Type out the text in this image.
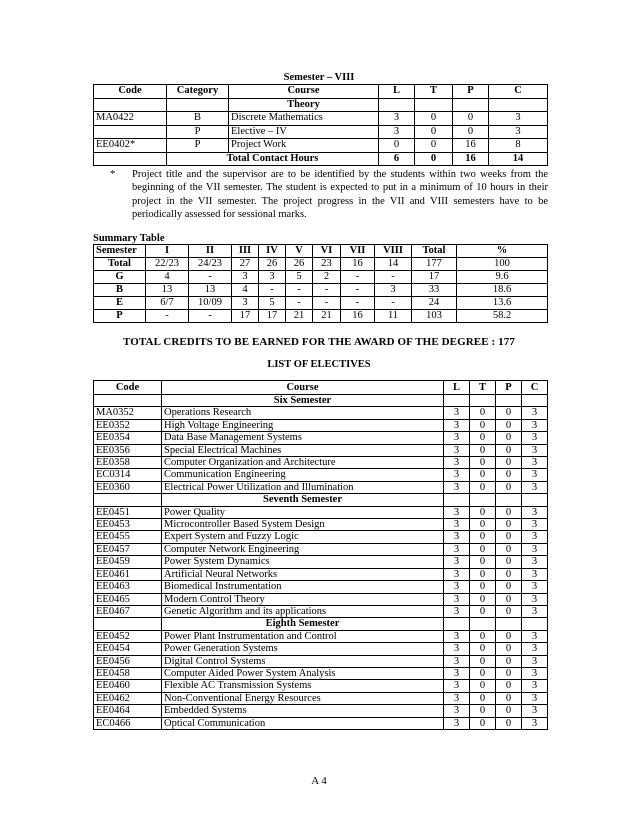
Semester – VIII
Code	Category	Course	L	T	P	C
		Theory				
MA0422	B	Discrete Mathematics	3	0	0	3
	P	Elective – IV	3	0	0	3
EE0402*	P	Project Work	0	0	16	8
	Total Contact Hours		6	0	16	14
* Project title and the supervisor are to be identified by the students within two weeks from the beginning of the VII semester. The student is expected to put in a minimum of 10 hours in their project in the VII semester. The project progress in the VII and VIII semesters have to be periodically assessed for sessional marks.
Summary Table
Semester	I	II	III	IV	V	VI	VII	VIII	Total	%
Total	22/23	24/23	27	26	26	23	16	14	177	100
G	4	-	3	3	5	2	-	-	17	9.6
B	13	13	4	-	-	-	-	3	33	18.6
E	6/7	10/09	3	5	-	-	-	-	24	13.6
P	-	-	17	17	21	21	16	11	103	58.2
TOTAL CREDITS TO BE EARNED FOR THE AWARD OF THE DEGREE : 177
LIST OF ELECTIVES
Code	Course	L	T	P	C
	Six Semester				
MA0352	Operations Research	3	0	0	3
EE0352	High Voltage Engineering	3	0	0	3
EE0354	Data Base Management Systems	3	0	0	3
EE0356	Special Electrical Machines	3	0	0	3
EE0358	Computer Organization and Architecture	3	0	0	3
EC0314	Communication Engineering	3	0	0	3
EE0360	Electrical Power Utilization and Illumination	3	0	0	3
	Seventh Semester				
EE0451	Power Quality	3	0	0	3
EE0453	Microcontroller Based System Design	3	0	0	3
EE0455	Expert System and Fuzzy Logic	3	0	0	3
EE0457	Computer Network Engineering	3	0	0	3
EE0459	Power System Dynamics	3	0	0	3
EE0461	Artificial Neural Networks	3	0	0	3
EE0463	Biomedical Instrumentation	3	0	0	3
EE0465	Modern Control Theory	3	0	0	3
EE0467	Genetic Algorithm and its applications	3	0	0	3
	Eighth Semester				
EE0452	Power Plant Instrumentation and Control	3	0	0	3
EE0454	Power Generation Systems	3	0	0	3
EE0456	Digital Control Systems	3	0	0	3
EE0458	Computer Aided Power System Analysis	3	0	0	3
EE0460	Flexible AC Transmission Systems	3	0	0	3
EE0462	Non-Conventional Energy Resources	3	0	0	3
EE0464	Embedded Systems	3	0	0	3
EC0466	Optical Communication	3	0	0	3
A 4
